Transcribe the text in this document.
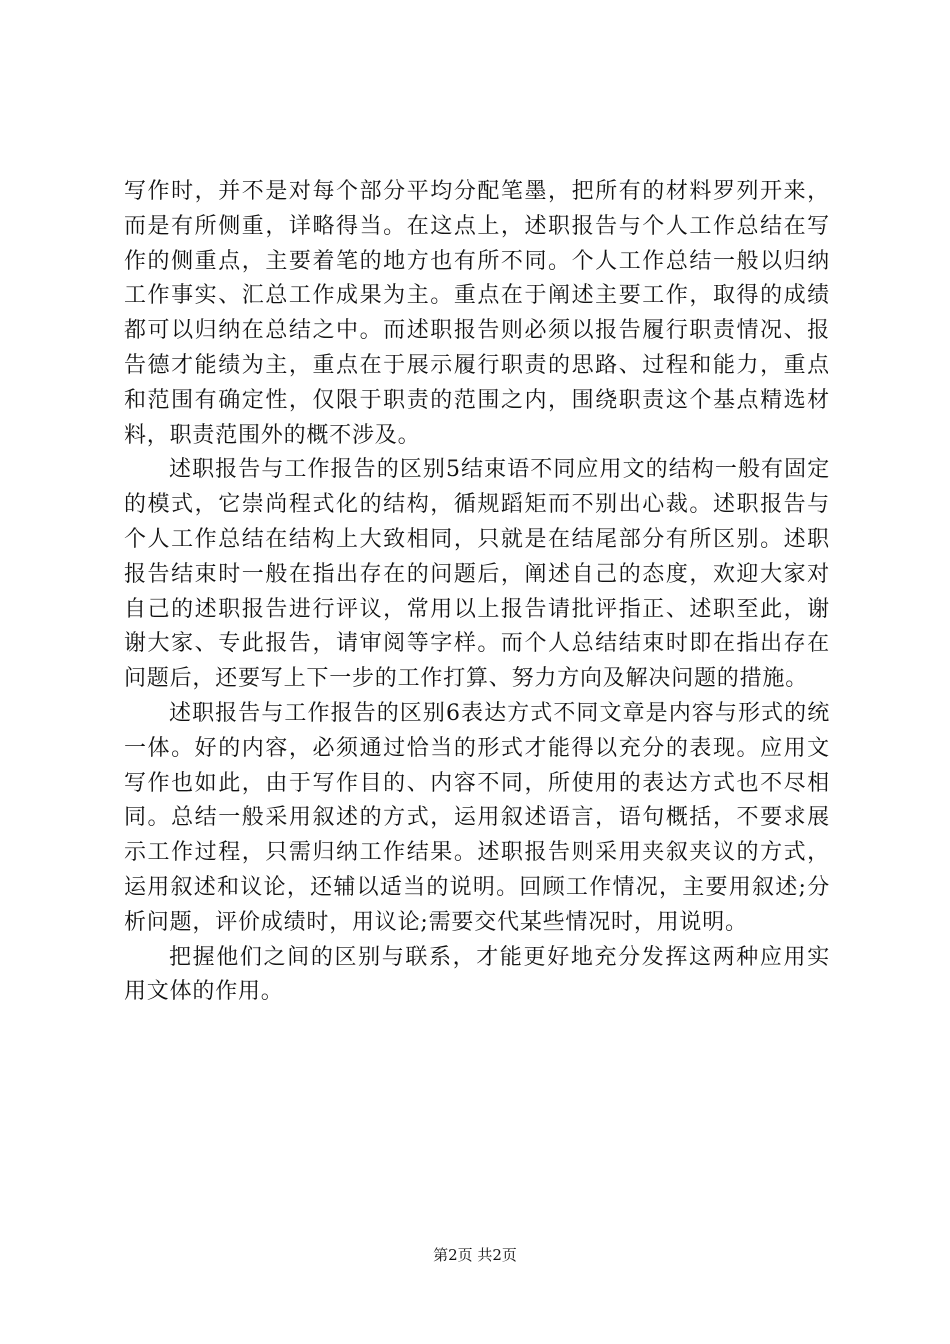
写作时，并不是对每个部分平均分配笔墨，把所有的材料罗列开来，而是有所侧重，详略得当。在这点上，述职报告与个人工作总结在写作的侧重点，主要着笔的地方也有所不同。个人工作总结一般以归纳工作事实、汇总工作成果为主。重点在于阐述主要工作，取得的成绩都可以归纳在总结之中。而述职报告则必须以报告履行职责情况、报告德才能绩为主，重点在于展示履行职责的思路、过程和能力，重点和范围有确定性，仅限于职责的范围之内，围绕职责这个基点精选材料，职责范围外的概不涉及。

述职报告与工作报告的区别5结束语不同应用文的结构一般有固定的模式，它崇尚程式化的结构，循规蹈矩而不别出心裁。述职报告与个人工作总结在结构上大致相同，只就是在结尾部分有所区别。述职报告结束时一般在指出存在的问题后，阐述自己的态度，欢迎大家对自己的述职报告进行评议，常用以上报告请批评指正、述职至此，谢谢大家、专此报告，请审阅等字样。而个人总结结束时即在指出存在问题后，还要写上下一步的工作打算、努力方向及解决问题的措施。

述职报告与工作报告的区别6表达方式不同文章是内容与形式的统一体。好的内容，必须通过恰当的形式才能得以充分的表现。应用文写作也如此，由于写作目的、内容不同，所使用的表达方式也不尽相同。总结一般采用叙述的方式，运用叙述语言，语句概括，不要求展示工作过程，只需归纳工作结果。述职报告则采用夹叙夹议的方式，运用叙述和议论，还辅以适当的说明。回顾工作情况，主要用叙述;分析问题，评价成绩时，用议论;需要交代某些情况时，用说明。

把握他们之间的区别与联系，才能更好地充分发挥这两种应用实用文体的作用。

第2页 共2页
